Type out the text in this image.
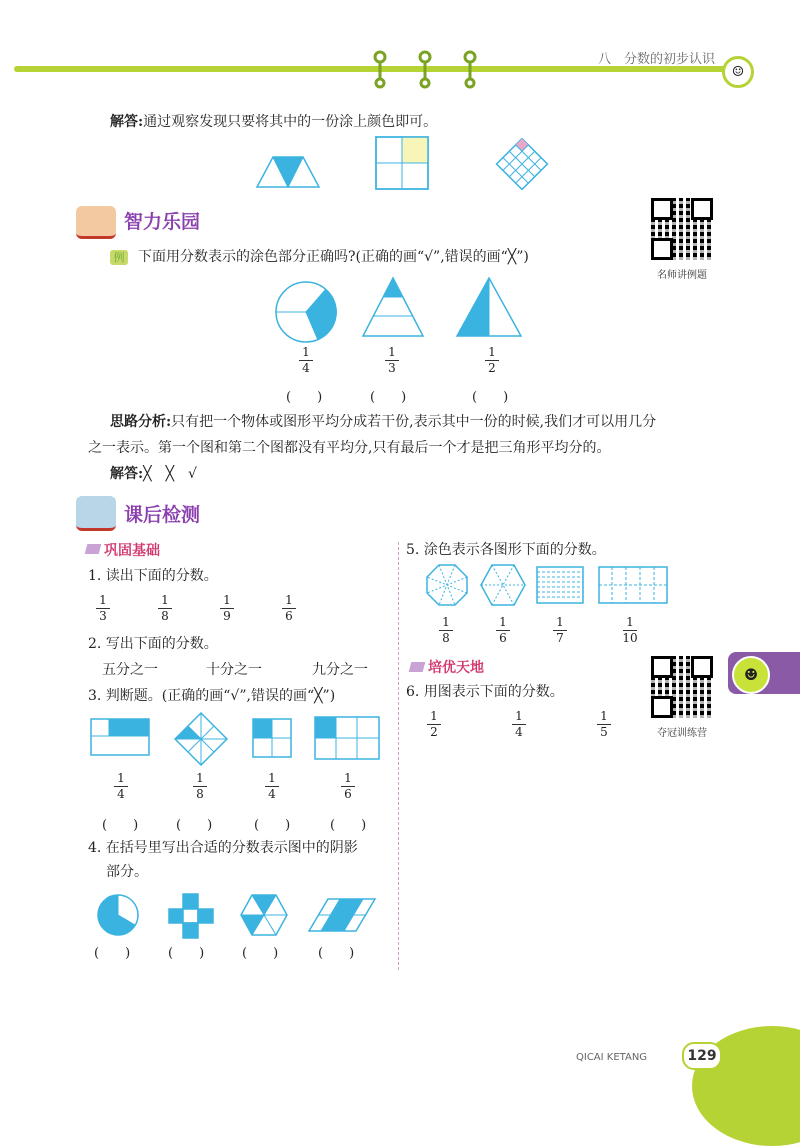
八　分数的初步认识
☺
解答:通过观察发现只要将其中的一份涂上颜色即可。
智力乐园
例 下面用分数表示的涂色部分正确吗?(正确的画“√”,错误的画“╳”)
名师讲例题
1
4
1
3
1
2
(　　)	(　　)	(　　)
思路分析:只有把一个物体或图形平均分成若干份,表示其中一份的时候,我们才可以用几分
之一表示。第一个图和第二个图都没有平均分,只有最后一个才是把三角形平均分的。
解答:╳　╳　√
课后检测
巩固基础
1. 读出下面的分数。
1
3
1
8
1
9
1
6
2. 写出下面的分数。
五分之一	十分之一	九分之一
3. 判断题。(正确的画“√”,错误的画“╳”)
1
4
1
8
1
4
1
6
(　　)	(　　)	(　　)	(　　)
4. 在括号里写出合适的分数表示图中的阴影
部分。
(　　)	(　　)	(　　)	(　　)
5. 涂色表示各图形下面的分数。
1
8
1
6
1
7
1
10
培优天地
6. 用图表示下面的分数。
1
2
1
4
1
5	夺冠训练营
☻
QICAI KETANG	129
